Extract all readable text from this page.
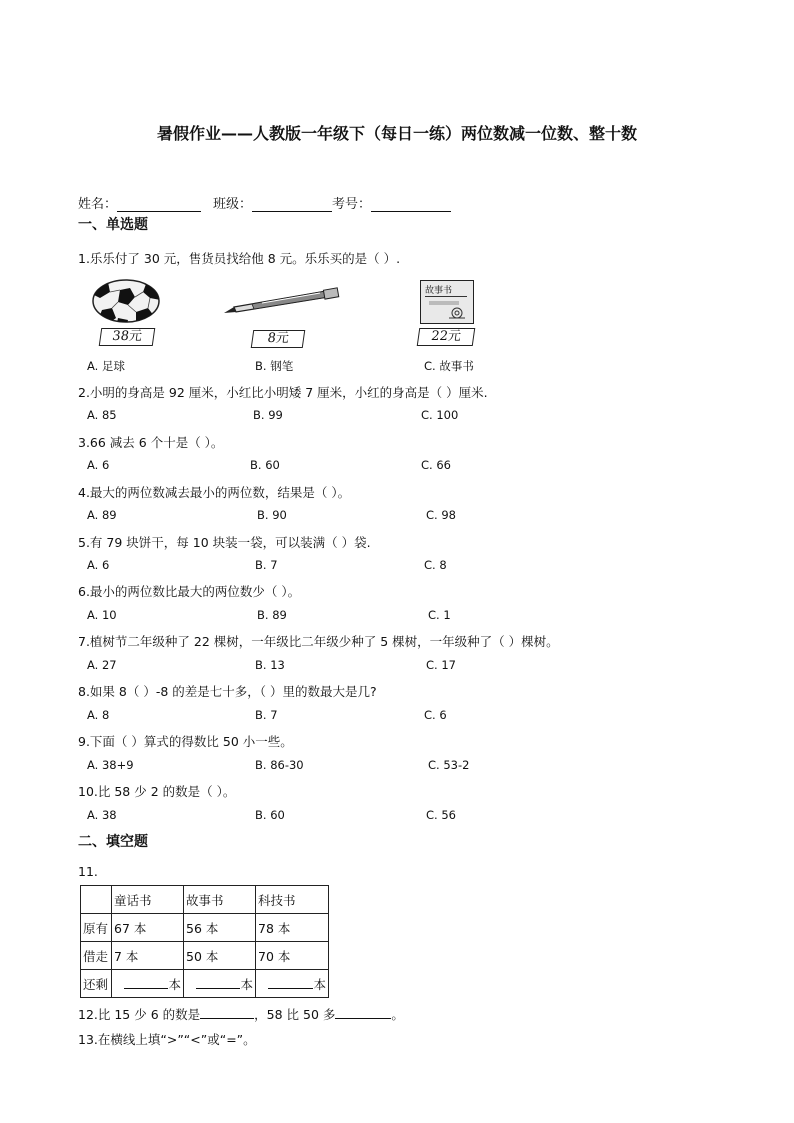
暑假作业——人教版一年级下（每日一练）两位数减一位数、整十数
姓名：	班级：	考号：
一、单选题
1.乐乐付了 30 元，售货员找给他 8 元。乐乐买的是（ ）.
38元	8元
故事书
22元
A. 足球	B. 钢笔	C. 故事书
2.小明的身高是 92 厘米，小红比小明矮 7 厘米，小红的身高是（ ）厘米.
A. 85	B. 99	C. 100
3.66 减去 6 个十是（ ）。
A. 6	B. 60	C. 66
4.最大的两位数减去最小的两位数，结果是（ ）。
A. 89	B. 90	C. 98
5.有 79 块饼干，每 10 块装一袋，可以装满（ ）袋.
A. 6	B. 7	C. 8
6.最小的两位数比最大的两位数少（ ）。
A. 10	B. 89	C. 1
7.植树节二年级种了 22 棵树，一年级比二年级少种了 5 棵树，一年级种了（ ）棵树。
A. 27	B. 13	C. 17
8.如果 8（ ）-8 的差是七十多，（ ）里的数最大是几?
A. 8	B. 7	C. 6
9.下面（ ）算式的得数比 50 小一些。
A. 38+9	B. 86-30	C. 53-2
10.比 58 少 2 的数是（ ）。
A. 38	B. 60	C. 56
二、填空题
11.
	童话书	故事书	科技书
原有	67 本	56 本	78 本
借走	7 本	50 本	70 本
还剩	本	本	本
12.比 15 少 6 的数是	，58 比 50 多	。
13.在横线上填“>”“<”或“=”。
